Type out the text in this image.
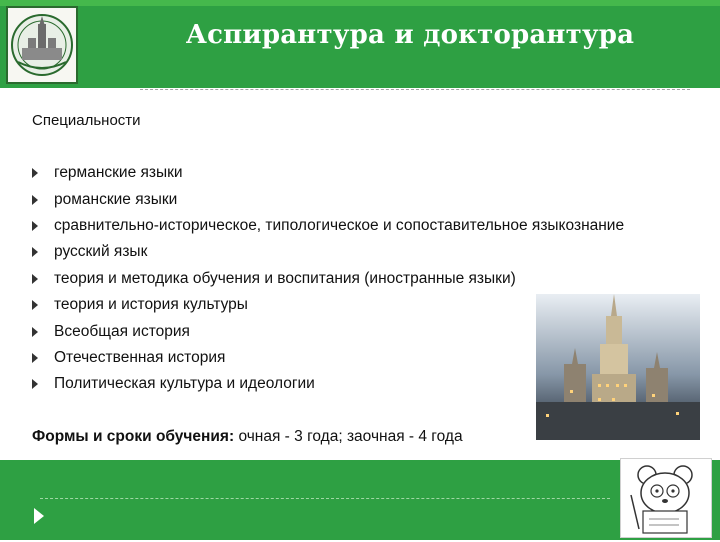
Аспирантура и докторантура
Специальности
германские языки
романские языки
сравнительно-историческое, типологическое и сопоставительное языкознание
русский язык
теория и методика обучения и воспитания (иностранные языки)
теория и история культуры
Всеобщая история
Отечественная история
Политическая культура и идеологии
Формы и сроки обучения: очная - 3 года; заочная - 4 года
